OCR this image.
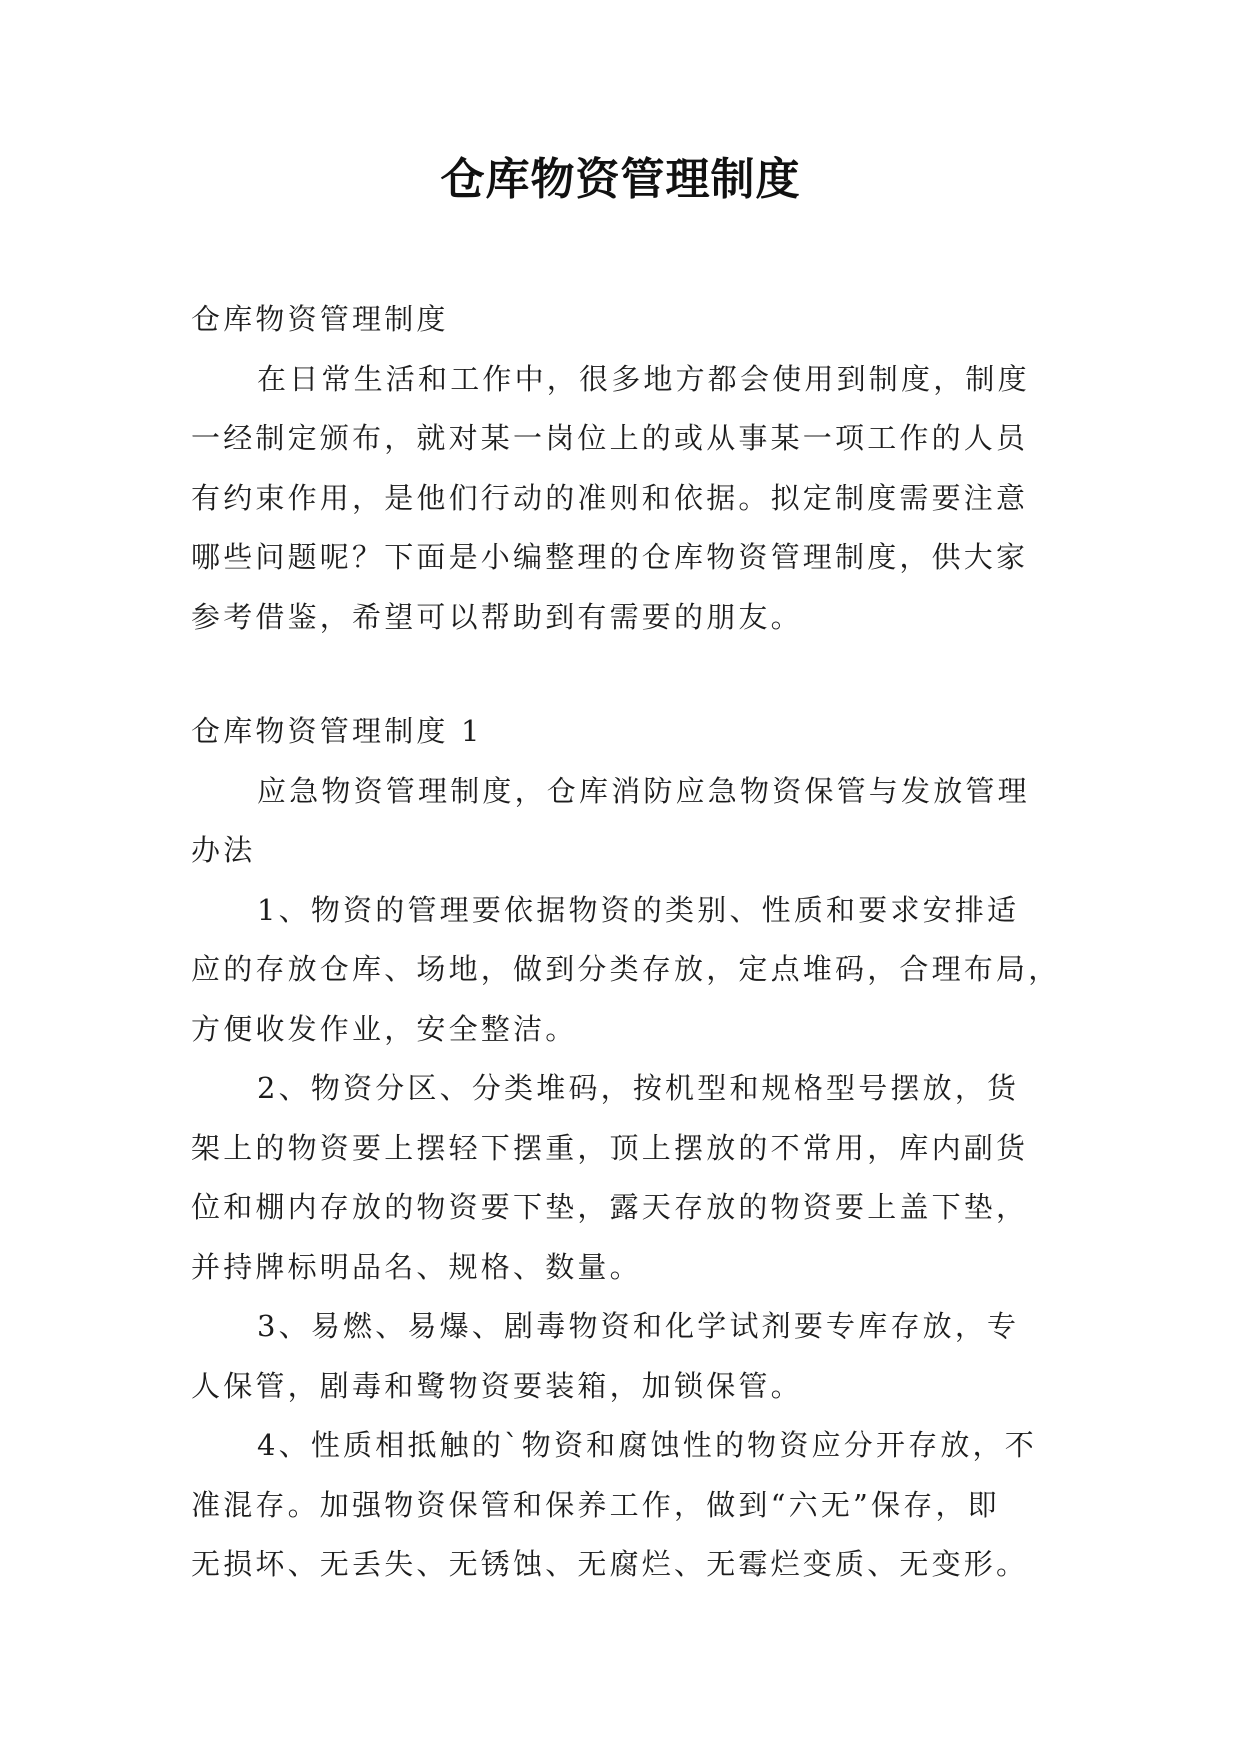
仓库物资管理制度
仓库物资管理制度
在日常生活和工作中，很多地方都会使用到制度，制度
一经制定颁布，就对某一岗位上的或从事某一项工作的人员
有约束作用，是他们行动的准则和依据。拟定制度需要注意
哪些问题呢？下面是小编整理的仓库物资管理制度，供大家
参考借鉴，希望可以帮助到有需要的朋友。
仓库物资管理制度 1
应急物资管理制度，仓库消防应急物资保管与发放管理
办法
1、物资的管理要依据物资的类别、性质和要求安排适
应的存放仓库、场地，做到分类存放，定点堆码，合理布局，
方便收发作业，安全整洁。
2、物资分区、分类堆码，按机型和规格型号摆放，货
架上的物资要上摆轻下摆重，顶上摆放的不常用，库内副货
位和棚内存放的物资要下垫，露天存放的物资要上盖下垫，
并持牌标明品名、规格、数量。
3、易燃、易爆、剧毒物资和化学试剂要专库存放，专
人保管，剧毒和鹭物资要装箱，加锁保管。
4、性质相抵触的`物资和腐蚀性的物资应分开存放，不
准混存。加强物资保管和保养工作，做到“六无”保存，即
无损坏、无丢失、无锈蚀、无腐烂、无霉烂变质、无变形。
